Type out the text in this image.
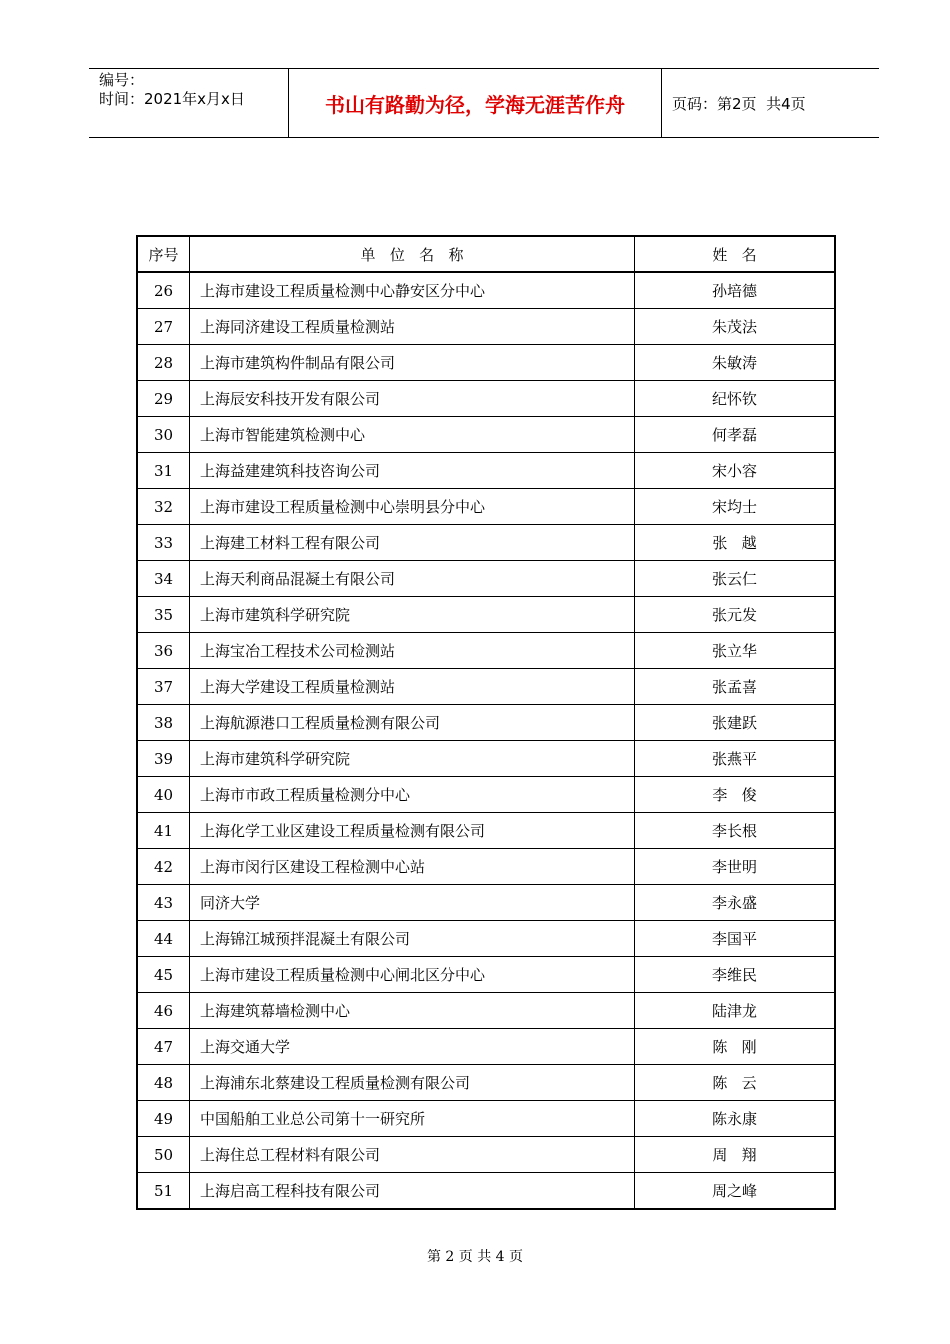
编号：
时间：2021年x月x日	书山有路勤为径，学海无涯苦作舟	页码：第2页  共4页
序号	单   位   名   称	姓   名
26	上海市建设工程质量检测中心静安区分中心	孙培德
27	上海同济建设工程质量检测站	朱茂法
28	上海市建筑构件制品有限公司	朱敏涛
29	上海辰安科技开发有限公司	纪怀钦
30	上海市智能建筑检测中心	何孝磊
31	上海益建建筑科技咨询公司	宋小容
32	上海市建设工程质量检测中心崇明县分中心	宋均士
33	上海建工材料工程有限公司	张   越
34	上海天利商品混凝土有限公司	张云仁
35	上海市建筑科学研究院	张元发
36	上海宝冶工程技术公司检测站	张立华
37	上海大学建设工程质量检测站	张孟喜
38	上海航源港口工程质量检测有限公司	张建跃
39	上海市建筑科学研究院	张燕平
40	上海市市政工程质量检测分中心	李   俊
41	上海化学工业区建设工程质量检测有限公司	李长根
42	上海市闵行区建设工程检测中心站	李世明
43	同济大学	李永盛
44	上海锦江城预拌混凝土有限公司	李国平
45	上海市建设工程质量检测中心闸北区分中心	李维民
46	上海建筑幕墙检测中心	陆津龙
47	上海交通大学	陈   刚
48	上海浦东北蔡建设工程质量检测有限公司	陈   云
49	中国船舶工业总公司第十一研究所	陈永康
50	上海住总工程材料有限公司	周   翔
51	上海启高工程科技有限公司	周之峰
第 2 页 共 4 页
